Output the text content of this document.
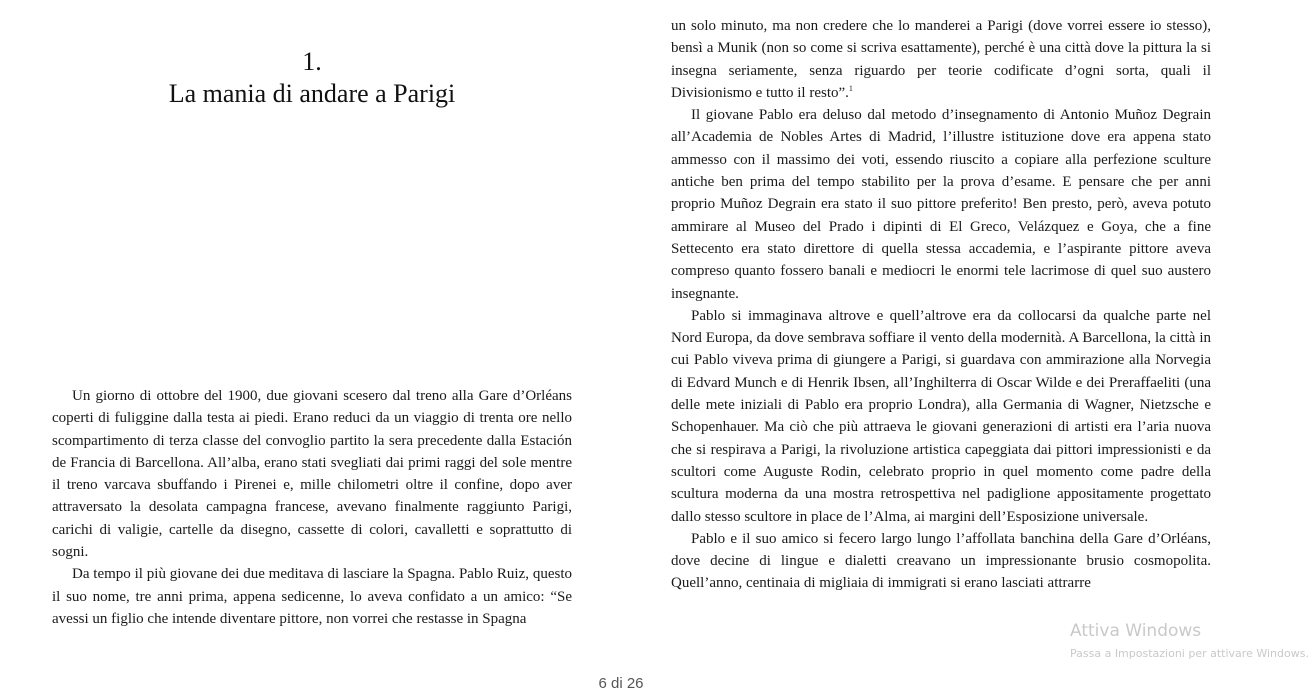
1.
La mania di andare a Parigi

Un giorno di ottobre del 1900, due giovani scesero dal treno alla Gare d’Orléans coperti di fuliggine dalla testa ai piedi. Erano reduci da un viaggio di trenta ore nello scompartimento di terza classe del convoglio partito la sera precedente dalla Estación de Francia di Barcellona. All’alba, erano stati svegliati dai primi raggi del sole mentre il treno varcava sbuffando i Pirenei e, mille chilometri oltre il confine, dopo aver attraversato la desolata campagna francese, avevano finalmente raggiunto Parigi, carichi di valigie, cartelle da disegno, cassette di colori, cavalletti e soprattutto di sogni.

Da tempo il più giovane dei due meditava di lasciare la Spagna. Pablo Ruiz, questo il suo nome, tre anni prima, appena sedicenne, lo aveva confidato a un amico: “Se avessi un figlio che intende diventare pittore, non vorrei che restasse in Spagna

un solo minuto, ma non credere che lo manderei a Parigi (dove vorrei essere io stesso), bensì a Munik (non so come si scriva esattamente), perché è una città dove la pittura la si insegna seriamente, senza riguardo per teorie codificate d’ogni sorta, quali il Divisionismo e tutto il resto”.$^1$

Il giovane Pablo era deluso dal metodo d’insegnamento di Antonio Muñoz Degrain all’Academia de Nobles Artes di Madrid, l’illustre istituzione dove era appena stato ammesso con il massimo dei voti, essendo riuscito a copiare alla perfezione sculture antiche ben prima del tempo stabilito per la prova d’esame. E pensare che per anni proprio Muñoz Degrain era stato il suo pittore preferito! Ben presto, però, aveva potuto ammirare al Museo del Prado i dipinti di El Greco, Velázquez e Goya, che a fine Settecento era stato direttore di quella stessa accademia, e l’aspirante pittore aveva compreso quanto fossero banali e mediocri le enormi tele lacrimose di quel suo austero insegnante.

Pablo si immaginava altrove e quell’altrove era da collocarsi da qualche parte nel Nord Europa, da dove sembrava soffiare il vento della modernità. A Barcellona, la città in cui Pablo viveva prima di giungere a Parigi, si guardava con ammirazione alla Norvegia di Edvard Munch e di Henrik Ibsen, all’Inghilterra di Oscar Wilde e dei Preraffaeliti (una delle mete iniziali di Pablo era proprio Londra), alla Germania di Wagner, Nietzsche e Schopenhauer. Ma ciò che più attraeva le giovani generazioni di artisti era l’aria nuova che si respirava a Parigi, la rivoluzione artistica capeggiata dai pittori impressionisti e da scultori come Auguste Rodin, celebrato proprio in quel momento come padre della scultura moderna da una mostra retrospettiva nel padiglione appositamente progettato dallo stesso scultore in place de l’Alma, ai margini dell’Esposizione universale.

Pablo e il suo amico si fecero largo lungo l’affollata banchina della Gare d’Orléans, dove decine di lingue e dialetti creavano un impressionante brusio cosmopolita. Quell’anno, centinaia di migliaia di immigrati si erano lasciati attrarre

6 di 26
Attiva Windows
Passa a Impostazioni per attivare Windows.
